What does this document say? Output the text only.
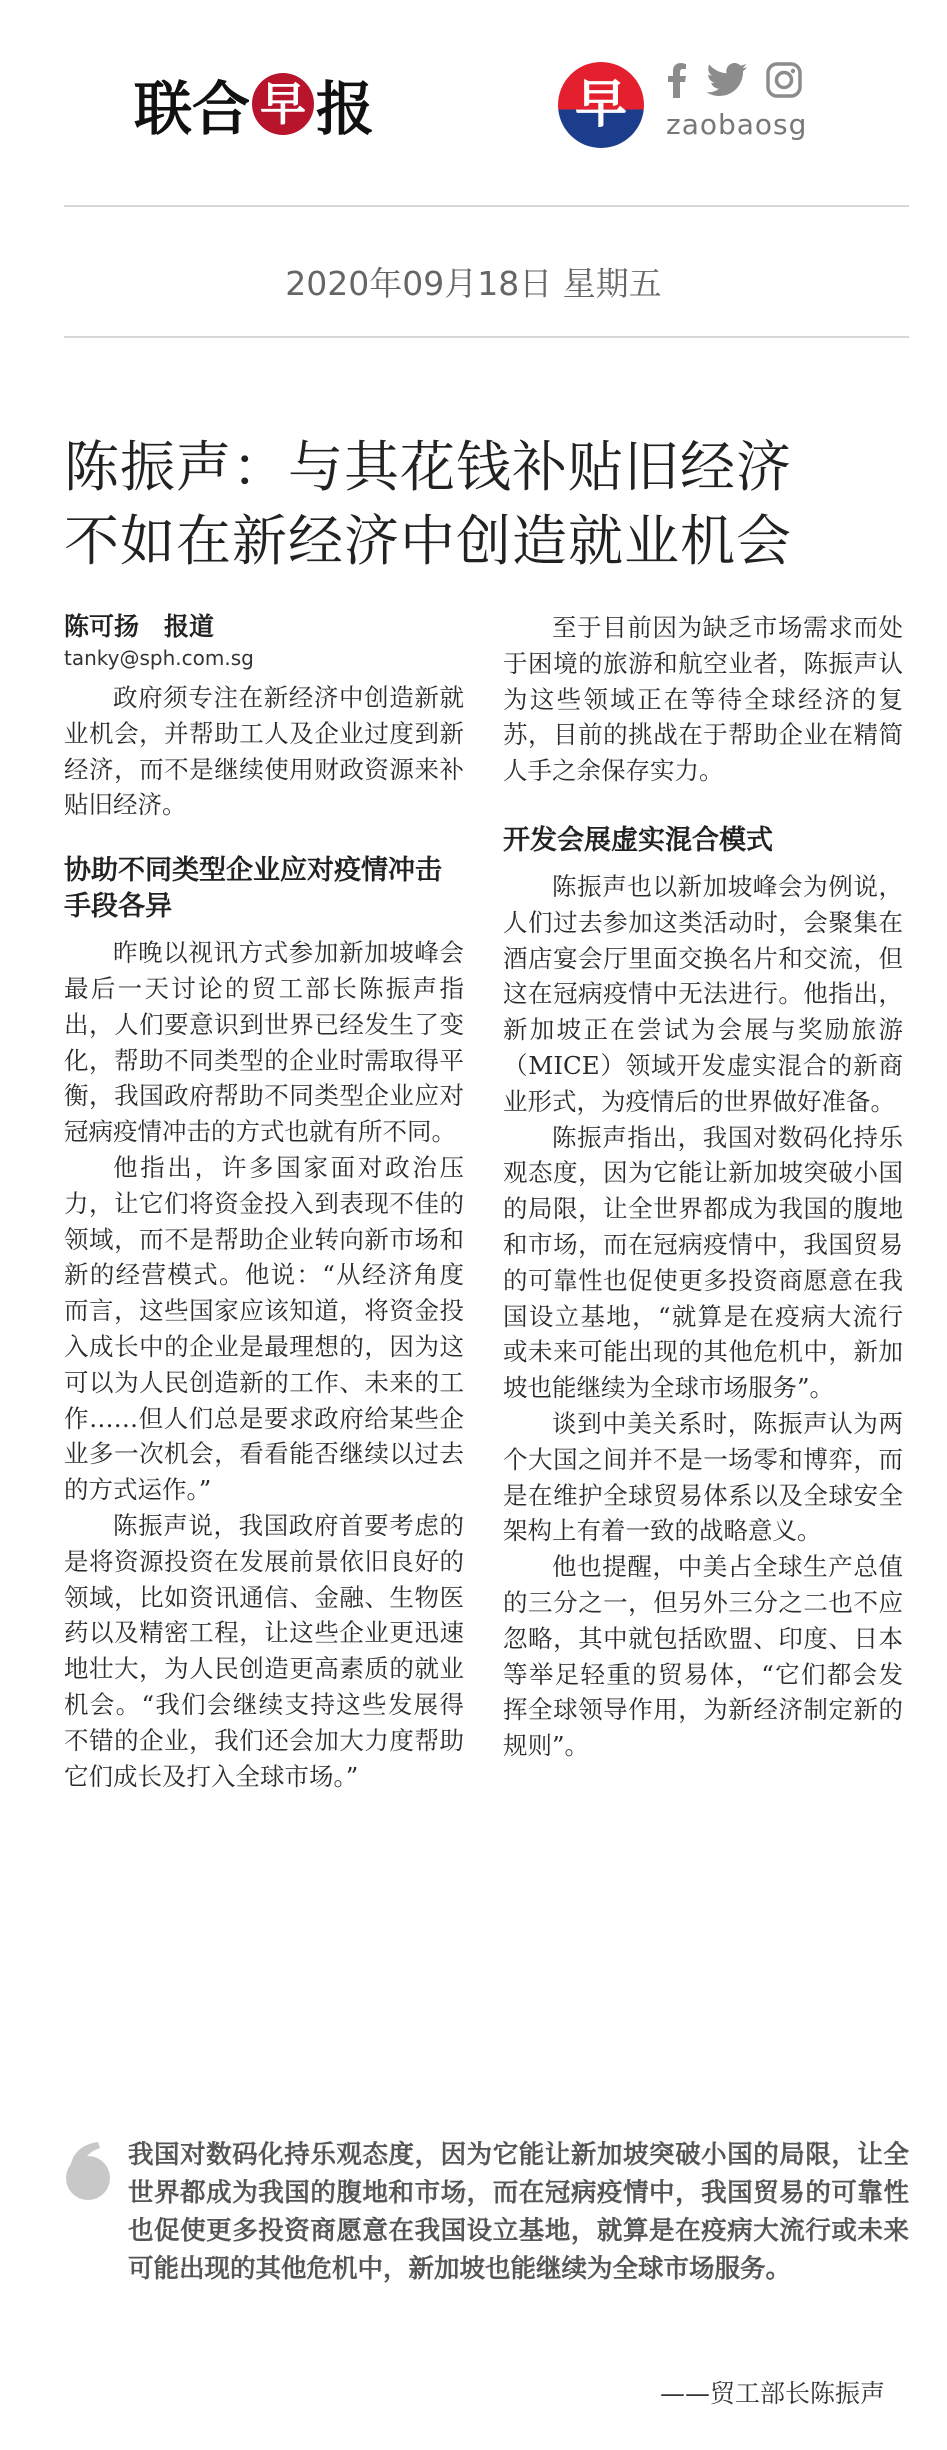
联合 早 报	早	zaobaosg
2020年09月18日 星期五
陈振声：与其花钱补贴旧经济
不如在新经济中创造就业机会
陈可扬　报道
tanky@sph.com.sg

政府须专注在新经济中创造新就业机会，并帮助工人及企业过度到新经济，而不是继续使用财政资源来补贴旧经济。

协助不同类型企业应对疫情冲击手段各异

昨晚以视讯方式参加新加坡峰会最后一天讨论的贸工部长陈振声指出，人们要意识到世界已经发生了变化，帮助不同类型的企业时需取得平衡，我国政府帮助不同类型企业应对冠病疫情冲击的方式也就有所不同。

他指出，许多国家面对政治压力，让它们将资金投入到表现不佳的领域，而不是帮助企业转向新市场和新的经营模式。他说：“从经济角度而言，这些国家应该知道，将资金投入成长中的企业是最理想的，因为这可以为人民创造新的工作、未来的工作……但人们总是要求政府给某些企业多一次机会，看看能否继续以过去的方式运作。”

陈振声说，我国政府首要考虑的是将资源投资在发展前景依旧良好的领域，比如资讯通信、金融、生物医药以及精密工程，让这些企业更迅速地壮大，为人民创造更高素质的就业机会。“我们会继续支持这些发展得不错的企业，我们还会加大力度帮助它们成长及打入全球市场。”

至于目前因为缺乏市场需求而处于困境的旅游和航空业者，陈振声认为这些领域正在等待全球经济的复苏，目前的挑战在于帮助企业在精简人手之余保存实力。

开发会展虚实混合模式

陈振声也以新加坡峰会为例说，人们过去参加这类活动时，会聚集在酒店宴会厅里面交换名片和交流，但这在冠病疫情中无法进行。他指出，新加坡正在尝试为会展与奖励旅游（MICE）领域开发虚实混合的新商业形式，为疫情后的世界做好准备。

陈振声指出，我国对数码化持乐观态度，因为它能让新加坡突破小国的局限，让全世界都成为我国的腹地和市场，而在冠病疫情中，我国贸易的可靠性也促使更多投资商愿意在我国设立基地，“就算是在疫病大流行或未来可能出现的其他危机中，新加坡也能继续为全球市场服务”。

谈到中美关系时，陈振声认为两个大国之间并不是一场零和博弈，而是在维护全球贸易体系以及全球安全架构上有着一致的战略意义。

他也提醒，中美占全球生产总值的三分之一，但另外三分之二也不应忽略，其中就包括欧盟、印度、日本等举足轻重的贸易体，“它们都会发挥全球领导作用，为新经济制定新的规则”。

我国对数码化持乐观态度，因为它能让新加坡突破小国的局限，让全世界都成为我国的腹地和市场，而在冠病疫情中，我国贸易的可靠性也促使更多投资商愿意在我国设立基地，就算是在疫病大流行或未来可能出现的其他危机中，新加坡也能继续为全球市场服务。
——贸工部长陈振声
